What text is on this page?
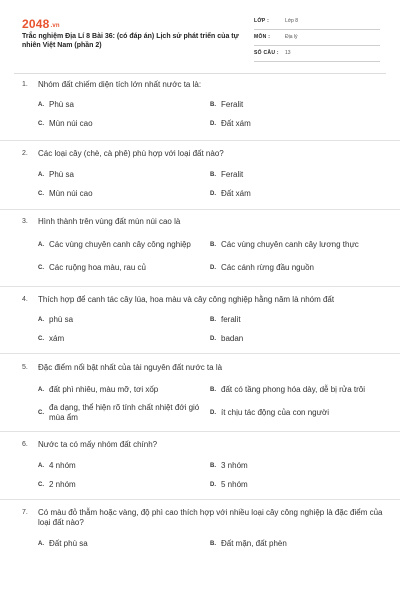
2048.vn
Trắc nghiệm Địa Lí 8 Bài 36: (có đáp án) Lịch sử phát triển của tự nhiên Việt Nam (phần 2)
LỚP :	Lớp 8
MÔN :	Địa lý
SỐ CÂU : 13
1. Nhóm đất chiếm diện tích lớn nhất nước ta là:
A. Phù sa	B. Feralit
C. Mùn núi cao	D. Đất xám
2. Các loại cây (chè, cà phê) phù hợp với loại đất nào?
A. Phù sa	B. Feralit
C. Mùn núi cao	D. Đất xám
3. Hình thành trên vùng đất mùn núi cao là
A. Các vùng chuyên canh cây công nghiệp	B. Các vùng chuyên canh cây lương thực
C. Các ruộng hoa màu, rau củ	D. Các cánh rừng đầu nguồn
4. Thích hợp để canh tác cây lúa, hoa màu và cây công nghiệp hằng năm là nhóm đất
A. phù sa	B. feralit
C. xám	D. badan
5. Đặc điểm nổi bật nhất của tài nguyên đất nước ta là
A. đất phì nhiêu, màu mỡ, tơi xốp	B. đất có tầng phong hóa dày, dễ bị rửa trôi
C.
đa dạng, thể hiện rõ tính chất nhiệt đới gió mùa ẩm	D. ít chịu tác động của con người
6. Nước ta có mấy nhóm đất chính?
A. 4 nhóm	B. 3 nhóm
C. 2 nhóm	D. 5 nhóm
7. Có màu đỏ thẫm hoặc vàng, độ phì cao thích hợp với nhiều loại cây công nghiệp là đặc điểm của loại đất nào?
A. Đất phù sa	B. Đất mặn, đất phèn
